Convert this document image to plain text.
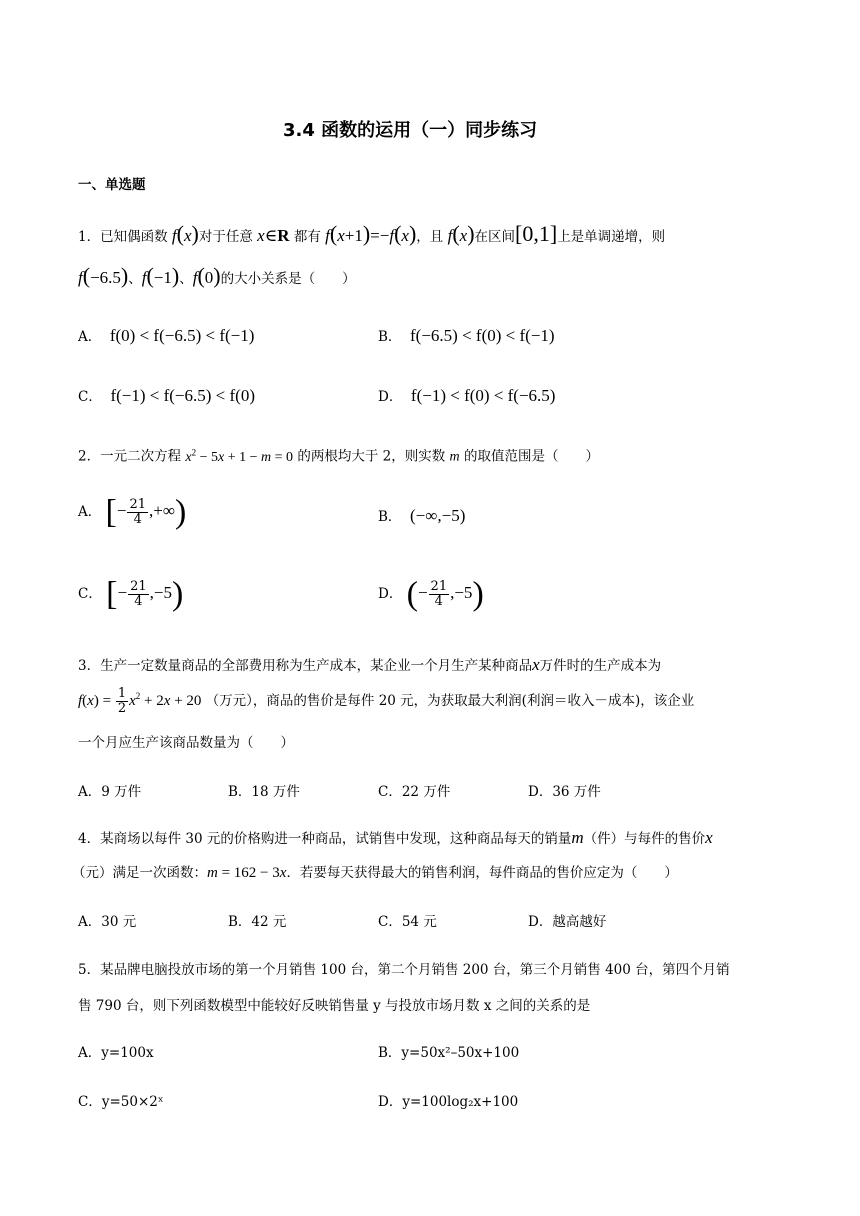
3.4 函数的运用（一）同步练习
一、单选题
1．已知偶函数 f(x)对于任意 x∈R 都有 f(x+1)=−f(x)，且 f(x)在区间[0,1]上是单调递增，则
f(−6.5)、f(−1)、f(0)的大小关系是（　　）
A． f(0) < f(−6.5) < f(−1)	B． f(−6.5) < f(0) < f(−1)
C． f(−1) < f(−6.5) < f(0)	D． f(−1) < f(0) < f(−6.5)
2．一元二次方程 $x^2 - 5x + 1 - m = 0$ 的两根均大于 2，则实数 m 的取值范围是（　　）
A． [− $\frac{21}{4}$ ,+∞)	B． (−∞,−5)
C． [− $\frac{21}{4} ,-5$)	D． (− $\frac{21}{4} ,-5$)
3．生产一定数量商品的全部费用称为生产成本，某企业一个月生产某种商品x万件时的生产成本为
$f(x) = \frac{1}{2} x^2 + 2x + 20$ （万元），商品的售价是每件 20 元，为获取最大利润(利润＝收入－成本)，该企业
一个月应生产该商品数量为（　　）
A．9 万件	B．18 万件	C．22 万件	D．36 万件
4．某商场以每件 30 元的价格购进一种商品，试销售中发现，这种商品每天的销量m（件）与每件的售价x
（元）满足一次函数：m = 162 − 3x．若要每天获得最大的销售利润，每件商品的售价应定为（　　）
A．30 元	B．42 元	C．54 元	D．越高越好
5．某品牌电脑投放市场的第一个月销售 100 台，第二个月销售 200 台，第三个月销售 400 台，第四个月销
售 790 台，则下列函数模型中能较好反映销售量 y 与投放市场月数 x 之间的关系的是
A．y=100x	B．y=50x²–50x+100
C．y=50×2ˣ	D．y=100log₂x+100
